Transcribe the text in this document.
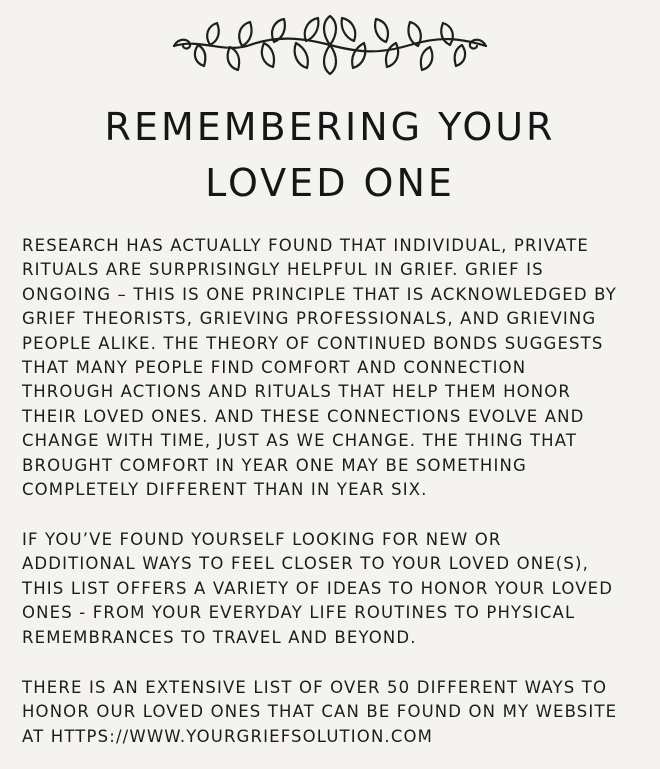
REMEMBERING YOUR
LOVED ONE
RESEARCH HAS ACTUALLY FOUND THAT INDIVIDUAL, PRIVATE
RITUALS ARE SURPRISINGLY HELPFUL IN GRIEF. GRIEF IS
ONGOING – THIS IS ONE PRINCIPLE THAT IS ACKNOWLEDGED BY
GRIEF THEORISTS, GRIEVING PROFESSIONALS, AND GRIEVING
PEOPLE ALIKE. THE THEORY OF CONTINUED BONDS SUGGESTS
THAT MANY PEOPLE FIND COMFORT AND CONNECTION
THROUGH ACTIONS AND RITUALS THAT HELP THEM HONOR
THEIR LOVED ONES. AND THESE CONNECTIONS EVOLVE AND
CHANGE WITH TIME, JUST AS WE CHANGE. THE THING THAT
BROUGHT COMFORT IN YEAR ONE MAY BE SOMETHING
COMPLETELY DIFFERENT THAN IN YEAR SIX.
IF YOU’VE FOUND YOURSELF LOOKING FOR NEW OR
ADDITIONAL WAYS TO FEEL CLOSER TO YOUR LOVED ONE(S),
THIS LIST OFFERS A VARIETY OF IDEAS TO HONOR YOUR LOVED
ONES - FROM YOUR EVERYDAY LIFE ROUTINES TO PHYSICAL
REMEMBRANCES TO TRAVEL AND BEYOND.
THERE IS AN EXTENSIVE LIST OF OVER 50 DIFFERENT WAYS TO
HONOR OUR LOVED ONES THAT CAN BE FOUND ON MY WEBSITE
AT HTTPS://WWW.YOURGRIEFSOLUTION.COM
